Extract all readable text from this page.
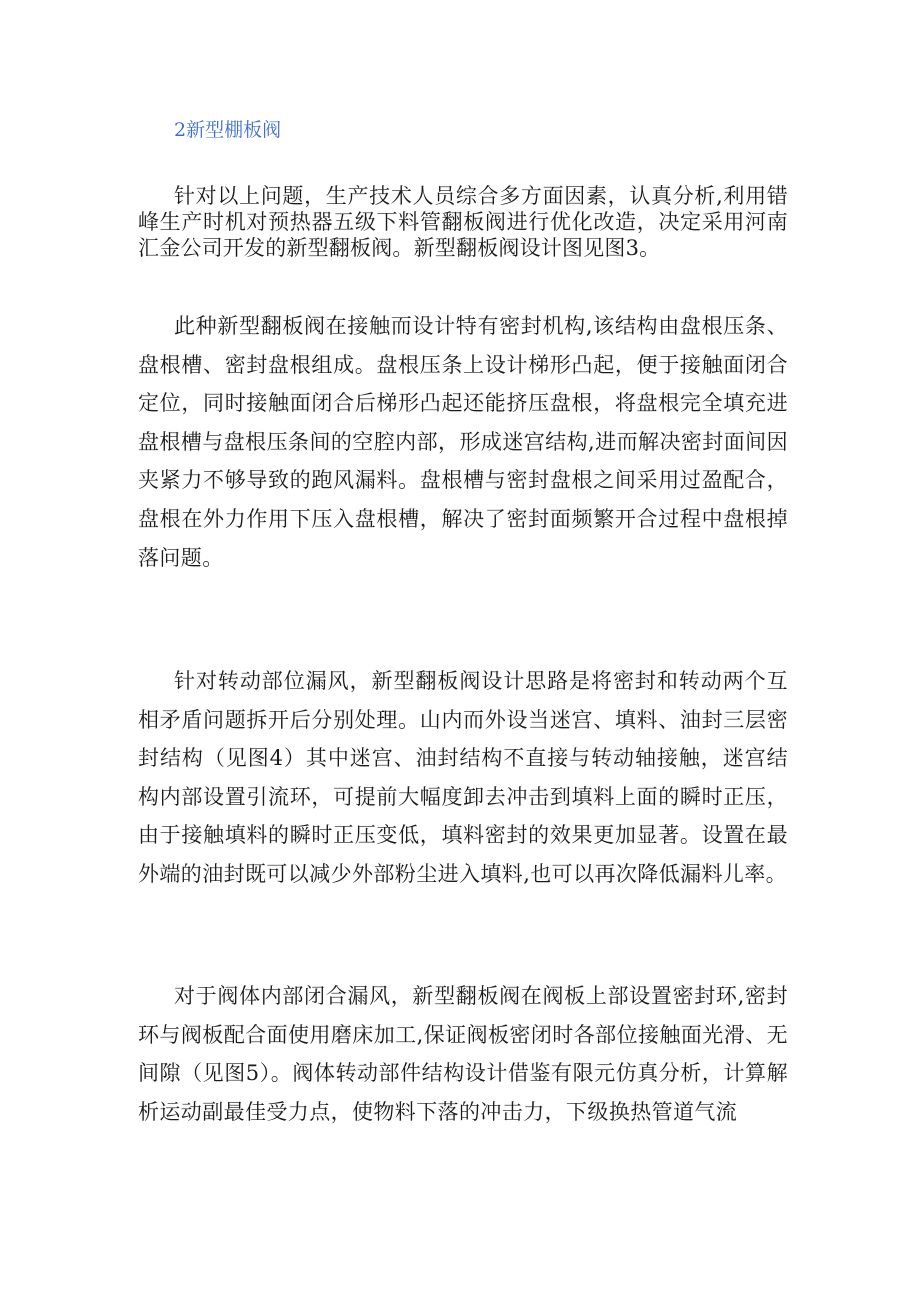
2新型棚板阀

针对以上问题，生产技术人员综合多方面因素，认真分析,利用错峰生产时机对预热器五级下料管翻板阀进行优化改造，决定采用河南汇金公司开发的新型翻板阀。新型翻板阀设计图见图3。

此种新型翻板阀在接触而设计特有密封机构,该结构由盘根压条、盘根槽、密封盘根组成。盘根压条上设计梯形凸起，便于接触面闭合定位，同时接触面闭合后梯形凸起还能挤压盘根，将盘根完全填充进盘根槽与盘根压条间的空腔内部，形成迷宫结构,进而解决密封面间因夹紧力不够导致的跑风漏料。盘根槽与密封盘根之间采用过盈配合，盘根在外力作用下压入盘根槽，解决了密封面频繁开合过程中盘根掉落问题。

针对转动部位漏风，新型翻板阀设计思路是将密封和转动两个互相矛盾问题拆开后分别处理。山内而外设当迷宫、填料、油封三层密封结构（见图4）其中迷宫、油封结构不直接与转动轴接触，迷宫结构内部设置引流环，可提前大幅度卸去冲击到填料上面的瞬时正压，由于接触填料的瞬时正压变低，填料密封的效果更加显著。设置在最外端的油封既可以减少外部粉尘进入填料,也可以再次降低漏料儿率。

对于阀体内部闭合漏风，新型翻板阀在阀板上部设置密封环,密封环与阀板配合面使用磨床加工,保证阀板密闭时各部位接触面光滑、无间隙（见图5）。阀体转动部件结构设计借鉴有限元仿真分析，计算解析运动副最佳受力点，使物料下落的冲击力，下级换热管道气流
